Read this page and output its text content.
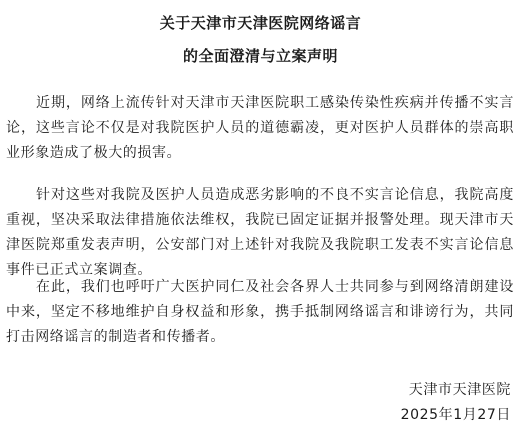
关于天津市天津医院网络谣言
的全面澄清与立案声明

近期，网络上流传针对天津市天津医院职工感染传染性疾病并传播不实言论，这些言论不仅是对我院医护人员的道德霸凌，更对医护人员群体的崇高职业形象造成了极大的损害。

针对这些对我院及医护人员造成恶劣影响的不良不实言论信息，我院高度重视，坚决采取法律措施依法维权，我院已固定证据并报警处理。现天津市天津医院郑重发表声明，公安部门对上述针对我院及我院职工发表不实言论信息事件已正式立案调查。

在此，我们也呼吁广大医护同仁及社会各界人士共同参与到网络清朗建设中来，坚定不移地维护自身权益和形象，携手抵制网络谣言和诽谤行为，共同打击网络谣言的制造者和传播者。

天津市天津医院
2025年1月27日
